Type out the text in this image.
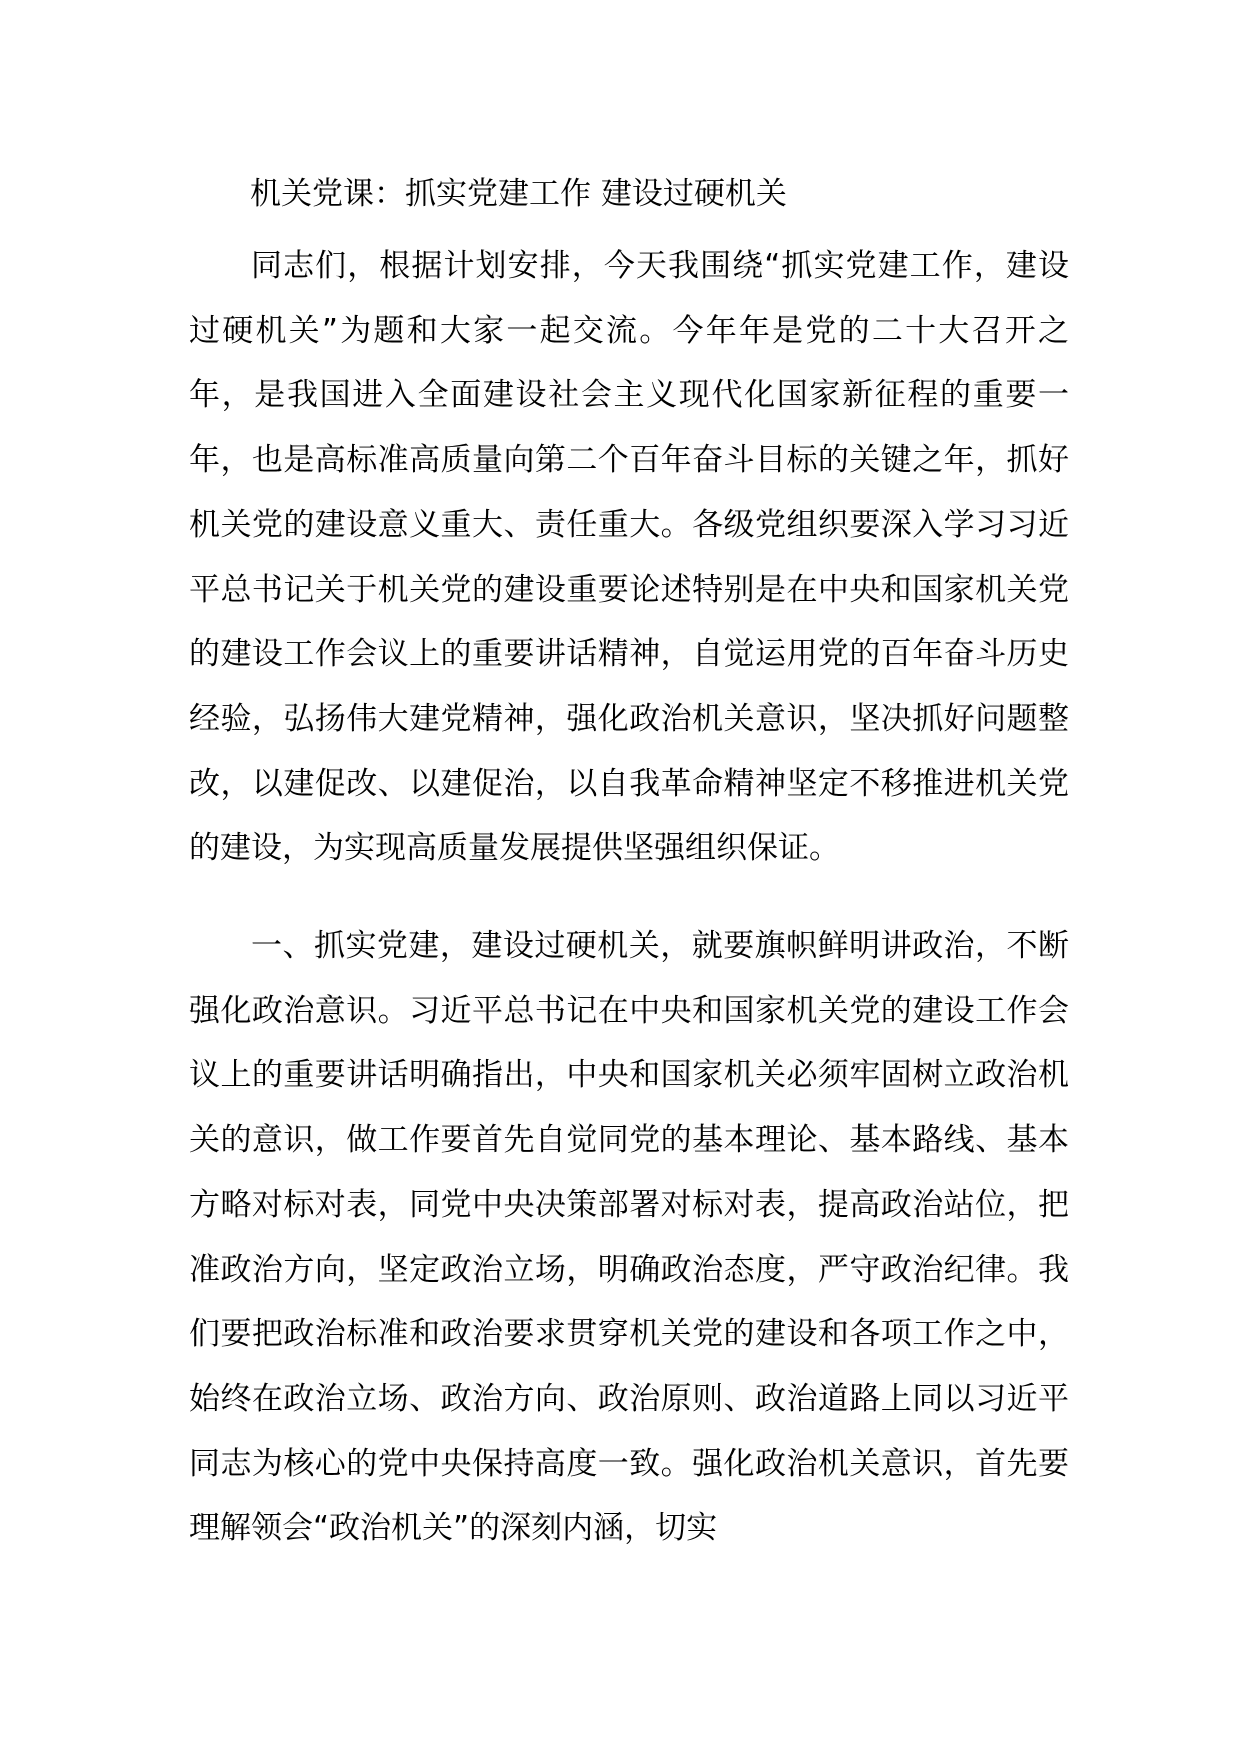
机关党课：抓实党建工作 建设过硬机关

同志们，根据计划安排，今天我围绕“抓实党建工作，建设过硬机关”为题和大家一起交流。今年年是党的二十大召开之年，是我国进入全面建设社会主义现代化国家新征程的重要一年，也是高标准高质量向第二个百年奋斗目标的关键之年，抓好机关党的建设意义重大、责任重大。各级党组织要深入学习习近平总书记关于机关党的建设重要论述特别是在中央和国家机关党的建设工作会议上的重要讲话精神，自觉运用党的百年奋斗历史经验，弘扬伟大建党精神，强化政治机关意识，坚决抓好问题整改，以建促改、以建促治，以自我革命精神坚定不移推进机关党的建设，为实现高质量发展提供坚强组织保证。

一、抓实党建，建设过硬机关，就要旗帜鲜明讲政治，不断强化政治意识。习近平总书记在中央和国家机关党的建设工作会议上的重要讲话明确指出，中央和国家机关必须牢固树立政治机关的意识，做工作要首先自觉同党的基本理论、基本路线、基本方略对标对表，同党中央决策部署对标对表，提高政治站位，把准政治方向，坚定政治立场，明确政治态度，严守政治纪律。我们要把政治标准和政治要求贯穿机关党的建设和各项工作之中，始终在政治立场、政治方向、政治原则、政治道路上同以习近平同志为核心的党中央保持高度一致。强化政治机关意识，首先要理解领会“政治机关”的深刻内涵，切实
